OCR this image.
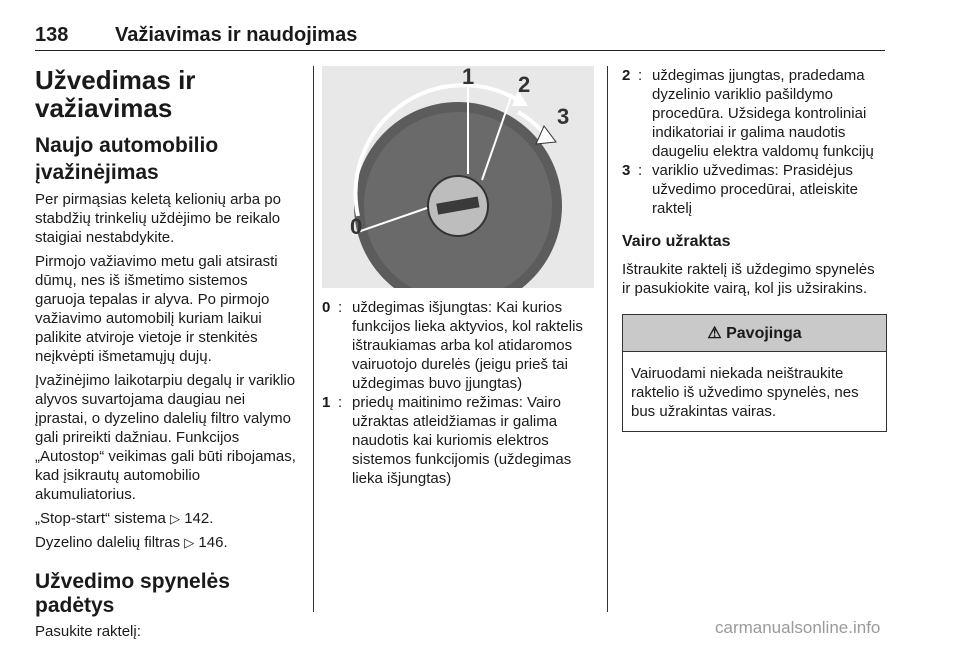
138 Važiavimas ir naudojimas
Užvedimas ir važiavimas
Naujo automobilio įvažinėjimas

Per pirmąsias keletą kelionių arba po stabdžių trinkelių uždėjimo be reikalo staigiai nestabdykite.

Pirmojo važiavimo metu gali atsirasti dūmų, nes iš išmetimo sistemos garuoja tepalas ir alyva. Po pirmojo važiavimo automobilį kuriam laikui palikite atviroje vietoje ir stenkitės neįkvėpti išmetamųjų dujų.

Įvažinėjimo laikotarpiu degalų ir variklio alyvos suvartojama daugiau nei įprastai, o dyzelino dalelių filtro valymo gali prireikti dažniau. Funkcijos „Autostop“ veikimas gali būti ribojamas, kad įsikrautų automobilio akumuliatorius.

„Stop-start“ sistema ▷ 142.

Dyzelino dalelių filtras ▷ 146.

Užvedimo spynelės padėtys

Pasukite raktelį:

0
1 2
3
0 : uždegimas išjungtas: Kai kurios funkcijos lieka aktyvios, kol raktelis ištraukiamas arba kol atidaromos vairuotojo durelės (jeigu prieš tai uždegimas buvo įjungtas)
1 : priedų maitinimo režimas: Vairo užraktas atleidžiamas ir galima naudotis kai kuriomis elektros sistemos funkcijomis (uždegimas lieka išjungtas)
2 : uždegimas įjungtas, pradedama dyzelinio variklio pašildymo procedūra. Užsidega kontroliniai indikatoriai ir galima naudotis daugeliu elektra valdomų funkcijų
3 : variklio užvedimas: Prasidėjus užvedimo procedūrai, atleiskite raktelį
Vairo užraktas

Ištraukite raktelį iš uždegimo spynelės ir pasukiokite vairą, kol jis užsirakins.

⚠ Pavojinga

Vairuodami niekada neištraukite raktelio iš užvedimo spynelės, nes bus užrakintas vairas.

carmanualsonline.info
